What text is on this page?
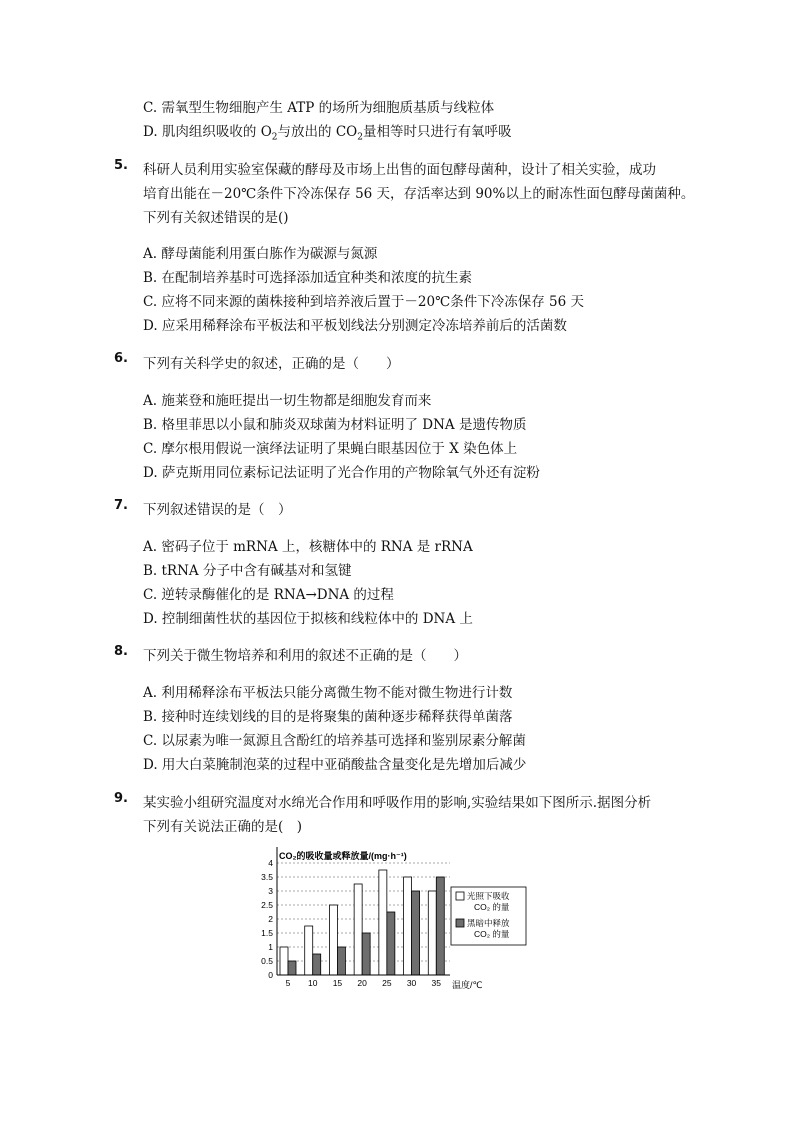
C. 需氧型生物细胞产生 ATP 的场所为细胞质基质与线粒体
D. 肌肉组织吸收的 $O_2$与放出的 $CO_2$量相等时只进行有氧呼吸
5. 科研人员利用实验室保藏的酵母及市场上出售的面包酵母菌种，设计了相关实验，成功
培育出能在－20℃条件下冷冻保存 56 天，存活率达到 90%以上的耐冻性面包酵母菌菌种。
下列有关叙述错误的是()
A. 酵母菌能利用蛋白胨作为碳源与氮源
B. 在配制培养基时可选择添加适宜种类和浓度的抗生素
C. 应将不同来源的菌株接种到培养液后置于－20℃条件下冷冻保存 56 天
D. 应采用稀释涂布平板法和平板划线法分别测定冷冻培养前后的活菌数
6. 下列有关科学史的叙述，正确的是（　　）
A. 施莱登和施旺提出一切生物都是细胞发育而来
B. 格里菲思以小鼠和肺炎双球菌为材料证明了 DNA 是遗传物质
C. 摩尔根用假说一演绎法证明了果蝇白眼基因位于 X 染色体上
D. 萨克斯用同位素标记法证明了光合作用的产物除氧气外还有淀粉
7. 下列叙述错误的是（　）
A. 密码子位于 mRNA 上，核糖体中的 RNA 是 rRNA
B. tRNA 分子中含有碱基对和氢键
C. 逆转录酶催化的是 RNA→DNA 的过程
D. 控制细菌性状的基因位于拟核和线粒体中的 DNA 上
8. 下列关于微生物培养和利用的叙述不正确的是（　　）
A. 利用稀释涂布平板法只能分离微生物不能对微生物进行计数
B. 接种时连续划线的目的是将聚集的菌种逐步稀释获得单菌落
C. 以尿素为唯一氮源且含酚红的培养基可选择和鉴别尿素分解菌
D. 用大白菜腌制泡菜的过程中亚硝酸盐含量变化是先增加后减少
9. 某实验小组研究温度对水绵光合作用和呼吸作用的影响,实验结果如下图所示.据图分析
下列有关说法正确的是(　)
0
0.5
1
1.5
2
2.5
3
3.5
4
5 10 15 20 25 30 35
CO₂的吸收量或释放量/(mg·h⁻¹)
温度/℃
光照下吸收
CO₂ 的量
黑暗中释放
CO₂ 的量
